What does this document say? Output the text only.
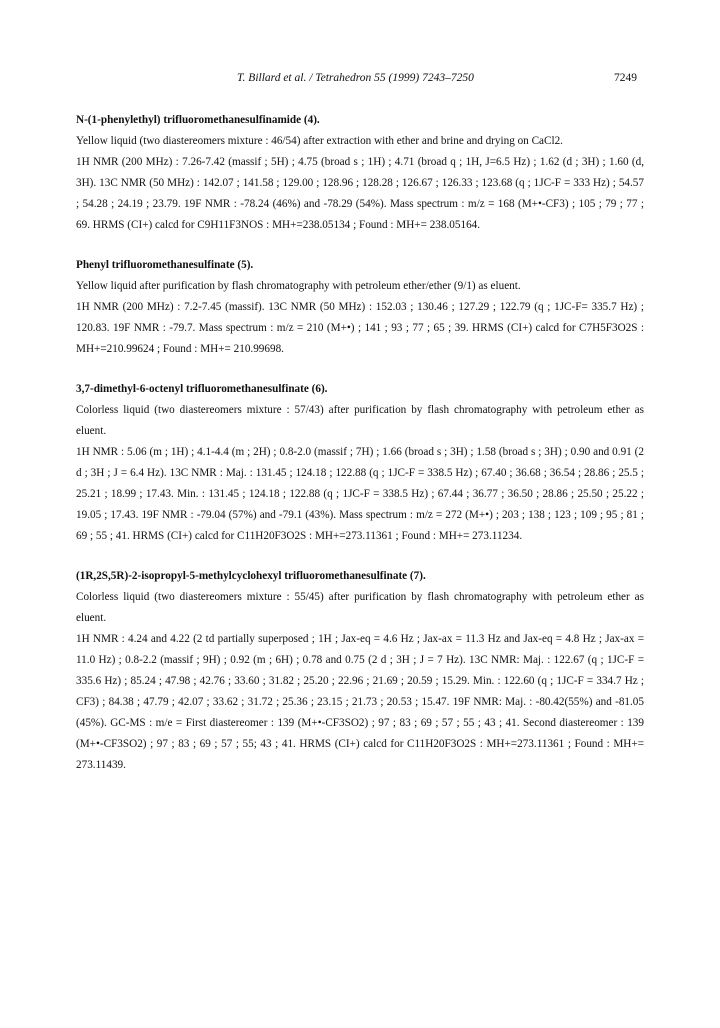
T. Billard et al. / Tetrahedron 55 (1999) 7243–7250	7249
N-(1-phenylethyl) trifluoromethanesulfinamide (4).

Yellow liquid (two diastereomers mixture : 46/54) after extraction with ether and brine and drying on CaCl2.

1H NMR (200 MHz) : 7.26-7.42 (massif ; 5H) ; 4.75 (broad s ; 1H) ; 4.71 (broad q ; 1H, J=6.5 Hz) ; 1.62 (d ; 3H) ; 1.60 (d, 3H). 13C NMR (50 MHz) : 142.07 ; 141.58 ; 129.00 ; 128.96 ; 128.28 ; 126.67 ; 126.33 ; 123.68 (q ; 1JC-F = 333 Hz) ; 54.57 ; 54.28 ; 24.19 ; 23.79. 19F NMR : -78.24 (46%) and -78.29 (54%). Mass spectrum : m/z = 168 (M+•-CF3) ; 105 ; 79 ; 77 ; 69. HRMS (CI+) calcd for C9H11F3NOS : MH+=238.05134 ; Found : MH+= 238.05164.

Phenyl trifluoromethanesulfinate (5).

Yellow liquid after purification by flash chromatography with petroleum ether/ether (9/1) as eluent.

1H NMR (200 MHz) : 7.2-7.45 (massif). 13C NMR (50 MHz) : 152.03 ; 130.46 ; 127.29 ; 122.79 (q ; 1JC-F= 335.7 Hz) ; 120.83. 19F NMR : -79.7. Mass spectrum : m/z = 210 (M+•) ; 141 ; 93 ; 77 ; 65 ; 39. HRMS (CI+) calcd for C7H5F3O2S : MH+=210.99624 ; Found : MH+= 210.99698.

3,7-dimethyl-6-octenyl trifluoromethanesulfinate (6).

Colorless liquid (two diastereomers mixture : 57/43) after purification by flash chromatography with petroleum ether as eluent.

1H NMR : 5.06 (m ; 1H) ; 4.1-4.4 (m ; 2H) ; 0.8-2.0 (massif ; 7H) ; 1.66 (broad s ; 3H) ; 1.58 (broad s ; 3H) ; 0.90 and 0.91 (2 d ; 3H ; J = 6.4 Hz). 13C NMR : Maj. : 131.45 ; 124.18 ; 122.88 (q ; 1JC-F = 338.5 Hz) ; 67.40 ; 36.68 ; 36.54 ; 28.86 ; 25.5 ; 25.21 ; 18.99 ; 17.43. Min. : 131.45 ; 124.18 ; 122.88 (q ; 1JC-F = 338.5 Hz) ; 67.44 ; 36.77 ; 36.50 ; 28.86 ; 25.50 ; 25.22 ; 19.05 ; 17.43. 19F NMR : -79.04 (57%) and -79.1 (43%). Mass spectrum : m/z = 272 (M+•) ; 203 ; 138 ; 123 ; 109 ; 95 ; 81 ; 69 ; 55 ; 41. HRMS (CI+) calcd for C11H20F3O2S : MH+=273.11361 ; Found : MH+= 273.11234.

(1R,2S,5R)-2-isopropyl-5-methylcyclohexyl trifluoromethanesulfinate (7).

Colorless liquid (two diastereomers mixture : 55/45) after purification by flash chromatography with petroleum ether as eluent.

1H NMR : 4.24 and 4.22 (2 td partially superposed ; 1H ; Jax-eq = 4.6 Hz ; Jax-ax = 11.3 Hz and Jax-eq = 4.8 Hz ; Jax-ax = 11.0 Hz) ; 0.8-2.2 (massif ; 9H) ; 0.92 (m ; 6H) ; 0.78 and 0.75 (2 d ; 3H ; J = 7 Hz). 13C NMR: Maj. : 122.67 (q ; 1JC-F = 335.6 Hz) ; 85.24 ; 47.98 ; 42.76 ; 33.60 ; 31.82 ; 25.20 ; 22.96 ; 21.69 ; 20.59 ; 15.29. Min. : 122.60 (q ; 1JC-F = 334.7 Hz ; CF3) ; 84.38 ; 47.79 ; 42.07 ; 33.62 ; 31.72 ; 25.36 ; 23.15 ; 21.73 ; 20.53 ; 15.47. 19F NMR: Maj. : -80.42(55%) and -81.05 (45%). GC-MS : m/e = First diastereomer : 139 (M+•-CF3SO2) ; 97 ; 83 ; 69 ; 57 ; 55 ; 43 ; 41. Second diastereomer : 139 (M+•-CF3SO2) ; 97 ; 83 ; 69 ; 57 ; 55; 43 ; 41. HRMS (CI+) calcd for C11H20F3O2S : MH+=273.11361 ; Found : MH+= 273.11439.
